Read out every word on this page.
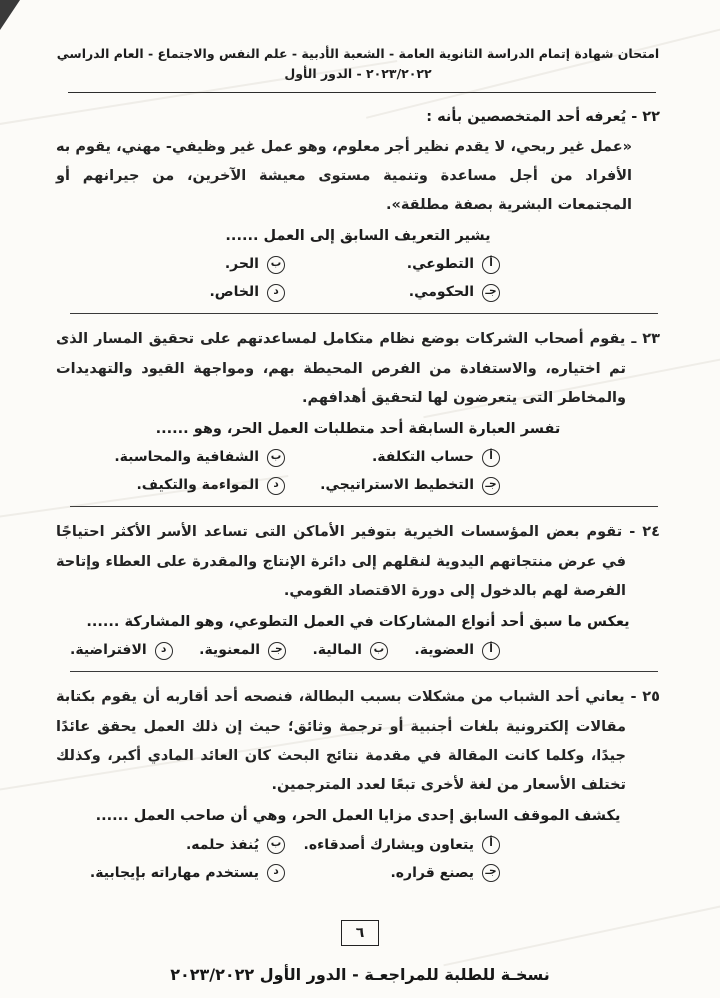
امتحان شهادة إتمام الدراسة الثانوية العامة - الشعبة الأدبية - علم النفس والاجتماع - العام الدراسي ٢٠٢٣/٢٠٢٢ - الدور الأول
٢٢ - يُعرفه أحد المتخصصين بأنه :

«عمل غير ربحي، لا يقدم نظير أجر معلوم، وهو عمل غير وظيفي- مهني، يقوم به الأفراد من أجل مساعدة وتنمية مستوى معيشة الآخرين، من جيرانهم أو المجتمعات البشرية بصفة مطلقة».

يشير التعريف السابق إلى العمل ......

أ
التطوعي.
ب
الحر.
جـ
الحكومي.
د
الخاص.

٢٣ ـ يقوم أصحاب الشركات بوضع نظام متكامل لمساعدتهم على تحقيق المسار الذى تم اختياره، والاستفادة من الفرص المحيطة بهم، ومواجهة القيود والتهديدات والمخاطر التى يتعرضون لها لتحقيق أهدافهم.

تفسر العبارة السابقة أحد متطلبات العمل الحر، وهو ......

أ
حساب التكلفة.
ب
الشفافية والمحاسبة.
جـ
التخطيط الاستراتيجي.
د
المواءمة والتكيف.

٢٤ - تقوم بعض المؤسسات الخيرية بتوفير الأماكن التى تساعد الأسر الأكثر احتياجًا في عرض منتجاتهم اليدوية لنقلهم إلى دائرة الإنتاج والمقدرة على العطاء وإتاحة الفرصة لهم بالدخول إلى دورة الاقتصاد القومي.

يعكس ما سبق أحد أنواع المشاركات في العمل التطوعي، وهو المشاركة ......

أ
العضوية.
ب
المالية.
جـ
المعنوية.
د
الافتراضية.

٢٥ - يعاني أحد الشباب من مشكلات بسبب البطالة، فنصحه أحد أقاربه أن يقوم بكتابة مقالات إلكترونية بلغات أجنبية أو ترجمة وثائق؛ حيث إن ذلك العمل يحقق عائدًا جيدًا، وكلما كانت المقالة في مقدمة نتائج البحث كان العائد المادي أكبر، وكذلك تختلف الأسعار من لغة لأخرى تبعًا لعدد المترجمين.

يكشف الموقف السابق إحدى مزايا العمل الحر، وهي أن صاحب العمل ......

أ
يتعاون ويشارك أصدقاءه.
ب
يُنفذ حلمه.
جـ
يصنع قراره.
د
يستخدم مهاراته بإيجابية.
٦
نسخـة للطلبة للمراجعـة - الدور الأول ٢٠٢٣/٢٠٢٢
